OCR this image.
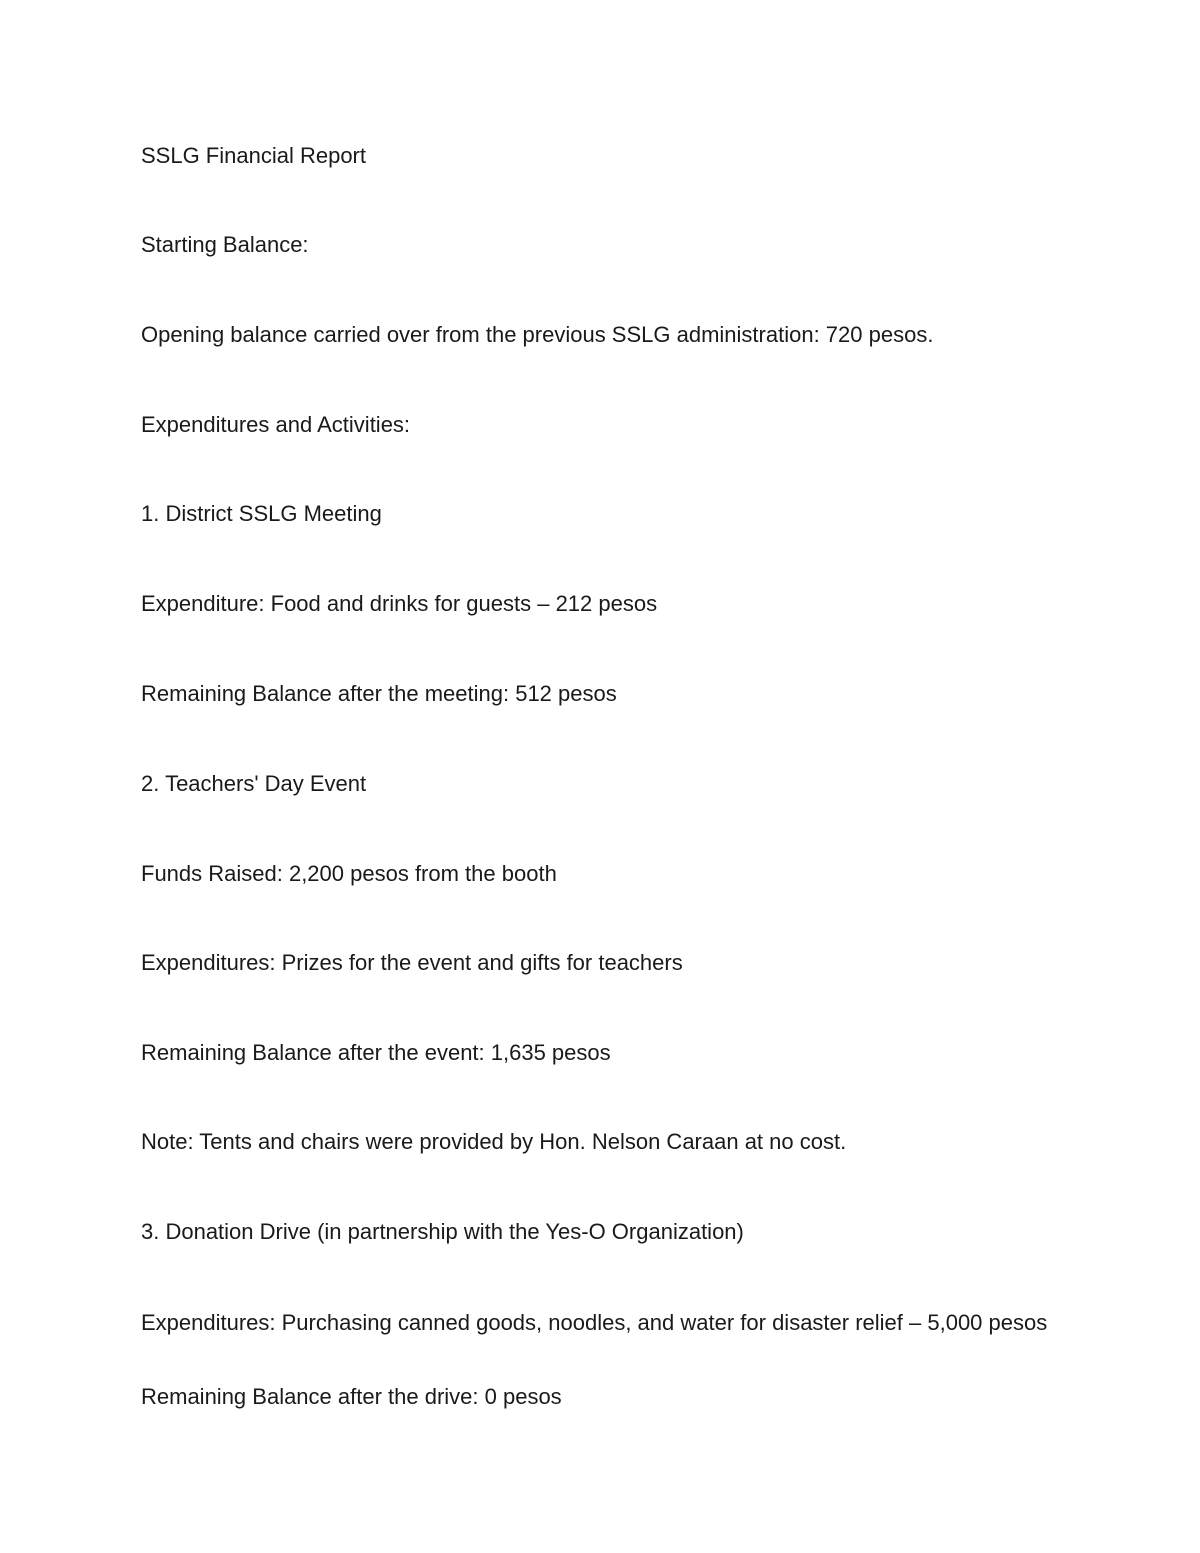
SSLG Financial Report

Starting Balance:

Opening balance carried over from the previous SSLG administration: 720 pesos.

Expenditures and Activities:

1. District SSLG Meeting

Expenditure: Food and drinks for guests – 212 pesos

Remaining Balance after the meeting: 512 pesos

2. Teachers' Day Event

Funds Raised: 2,200 pesos from the booth

Expenditures: Prizes for the event and gifts for teachers

Remaining Balance after the event: 1,635 pesos

Note: Tents and chairs were provided by Hon. Nelson Caraan at no cost.

3. Donation Drive (in partnership with the Yes-O Organization)

Expenditures: Purchasing canned goods, noodles, and water for disaster relief – 5,000 pesos

Remaining Balance after the drive: 0 pesos
